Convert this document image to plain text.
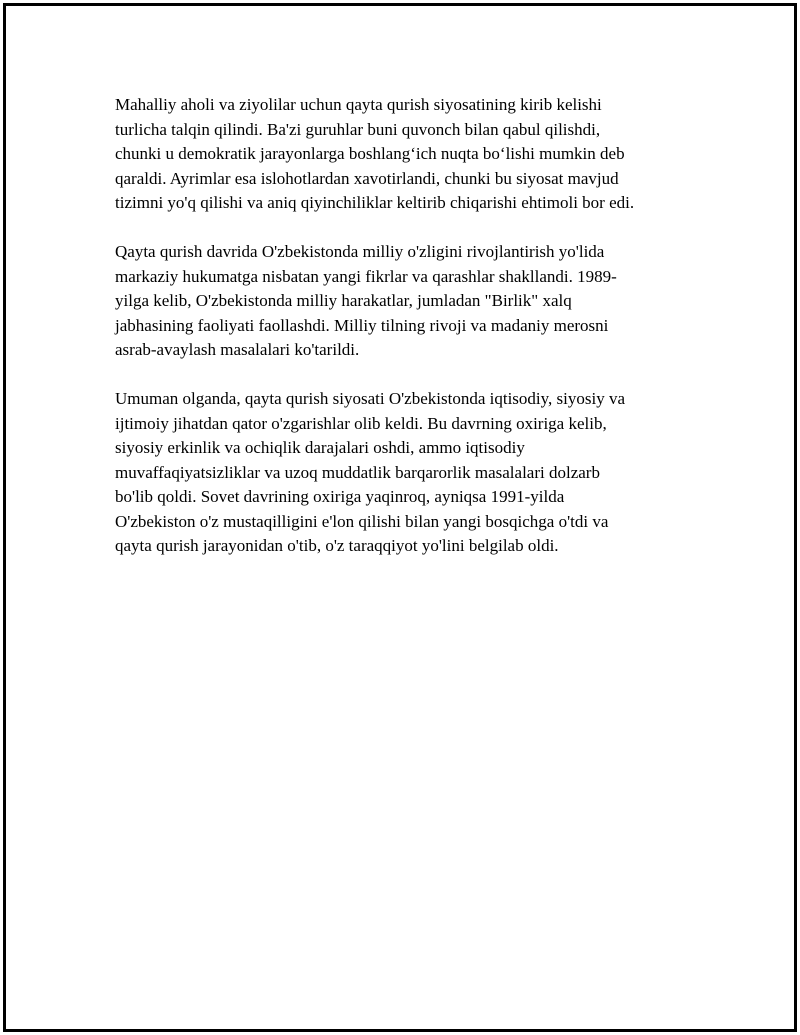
Mahalliy aholi va ziyolilar uchun qayta qurish siyosatining kirib kelishi
turlicha talqin qilindi. Ba'zi guruhlar buni quvonch bilan qabul qilishdi,
chunki u demokratik jarayonlarga boshlang‘ich nuqta bo‘lishi mumkin deb
qaraldi. Ayrimlar esa islohotlardan xavotirlandi, chunki bu siyosat mavjud
tizimni yo'q qilishi va aniq qiyinchiliklar keltirib chiqarishi ehtimoli bor edi.

Qayta qurish davrida O'zbekistonda milliy o'zligini rivojlantirish yo'lida
markaziy hukumatga nisbatan yangi fikrlar va qarashlar shakllandi. 1989-
yilga kelib, O'zbekistonda milliy harakatlar, jumladan "Birlik" xalq
jabhasining faoliyati faollashdi. Milliy tilning rivoji va madaniy merosni
asrab-avaylash masalalari ko'tarildi.

Umuman olganda, qayta qurish siyosati O'zbekistonda iqtisodiy, siyosiy va
ijtimoiy jihatdan qator o'zgarishlar olib keldi. Bu davrning oxiriga kelib,
siyosiy erkinlik va ochiqlik darajalari oshdi, ammo iqtisodiy
muvaffaqiyatsizliklar va uzoq muddatlik barqarorlik masalalari dolzarb
bo'lib qoldi. Sovet davrining oxiriga yaqinroq, ayniqsa 1991-yilda
O'zbekiston o'z mustaqilligini e'lon qilishi bilan yangi bosqichga o'tdi va
qayta qurish jarayonidan o'tib, o'z taraqqiyot yo'lini belgilab oldi.
